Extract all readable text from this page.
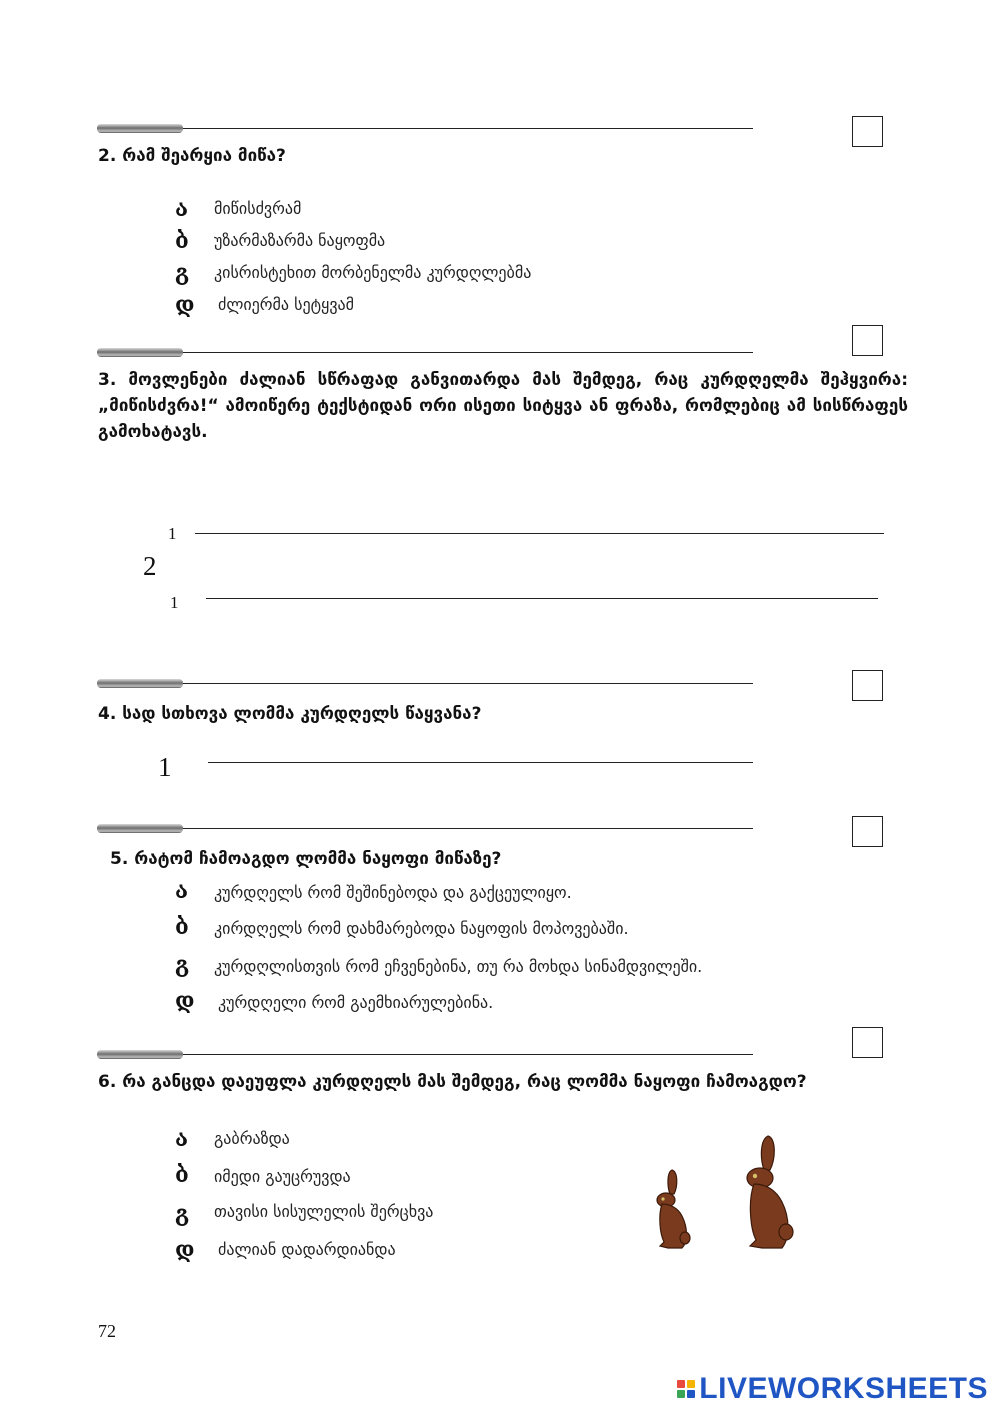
2. რამ შეარყია მიწა?
ა მიწისძვრამ
ბ უზარმაზარმა ნაყოფმა
გ კისრისტეხით მორბენელმა კურდღლებმა
დ ძლიერმა სეტყვამ
3. მოვლენები ძალიან სწრაფად განვითარდა მას შემდეგ, რაც კურდღელმა შეჰყვირა: „მიწისძვრა!“ ამოიწერე ტექსტიდან ორი ისეთი სიტყვა ან ფრაზა, რომლებიც ამ სისწრაფეს გამოხატავს.
1
2
1
4. სად სთხოვა ლომმა კურდღელს წაყვანა?
1
5. რატომ ჩამოაგდო ლომმა ნაყოფი მიწაზე?
ა კურდღელს რომ შეშინებოდა და გაქცეულიყო.
ბ კირდღელს რომ დახმარებოდა ნაყოფის მოპოვებაში.
გ კურდღლისთვის რომ ეჩვენებინა, თუ რა მოხდა სინამდვილეში.
დ კურდღელი რომ გაემხიარულებინა.
6. რა განცდა დაეუფლა კურდღელს მას შემდეგ, რაც ლომმა ნაყოფი ჩამოაგდო?
ა გაბრაზდა
ბ იმედი გაუცრუვდა
გ თავისი სისულელის შერცხვა
დ ძალიან დადარდიანდა
72
LIVEWORKSHEETS
